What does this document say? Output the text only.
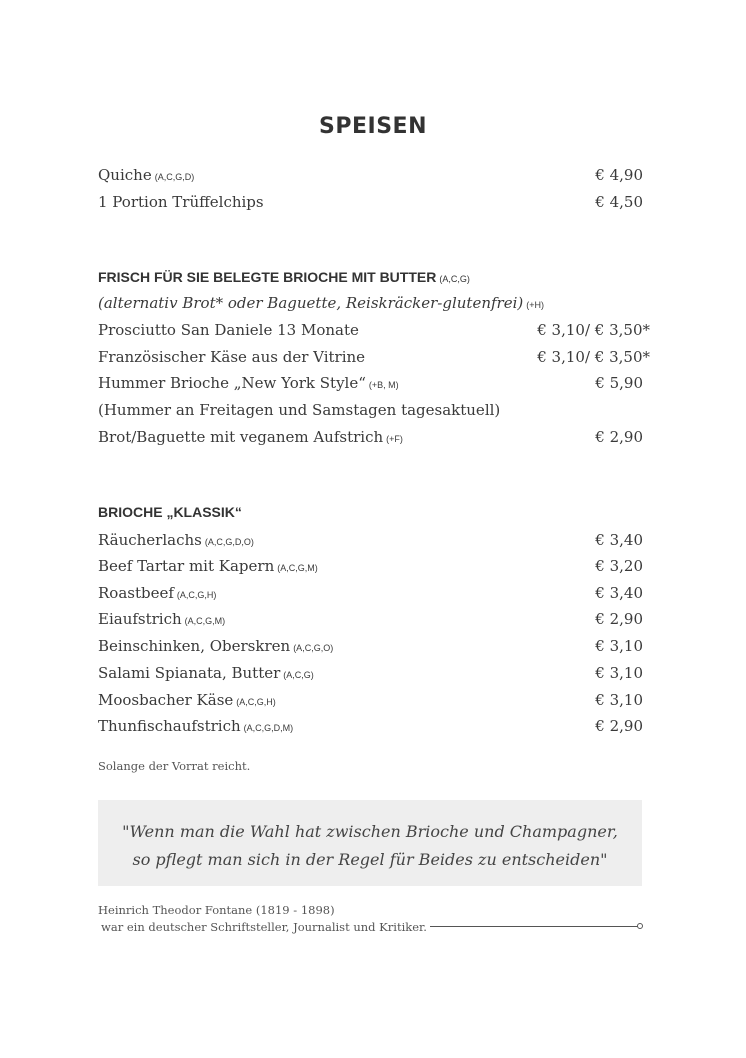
SPEISEN
Quiche (A,C,G,D)	€ 4,90
1 Portion Trüffelchips	€ 4,50
FRISCH FÜR SIE BELEGTE BRIOCHE MIT BUTTER (A,C,G)
(alternativ Brot* oder Baguette, Reiskräcker-glutenfrei) (+H)
Prosciutto San Daniele 13 Monate	€ 3,10/ € 3,50*
Französischer Käse aus der Vitrine	€ 3,10/ € 3,50*
Hummer Brioche „New York Style“ (+B, M)	€ 5,90
(Hummer an Freitagen und Samstagen tagesaktuell)
Brot/Baguette mit veganem Aufstrich (+F)	€ 2,90
BRIOCHE „KLASSIK“
Räucherlachs (A,C,G,D,O)	€ 3,40
Beef Tartar mit Kapern (A,C,G,M)	€ 3,20
Roastbeef (A,C,G,H)	€ 3,40
Eiaufstrich (A,C,G,M)	€ 2,90
Beinschinken, Oberskren (A,C,G,O)	€ 3,10
Salami Spianata, Butter (A,C,G)	€ 3,10
Moosbacher Käse (A,C,G,H)	€ 3,10
Thunfischaufstrich (A,C,G,D,M)	€ 2,90
Solange der Vorrat reicht.
"Wenn man die Wahl hat zwischen Brioche und Champagner,
so pflegt man sich in der Regel für Beides zu entscheiden"
Heinrich Theodor Fontane (1819 - 1898)
war ein deutscher Schriftsteller, Journalist und Kritiker.
